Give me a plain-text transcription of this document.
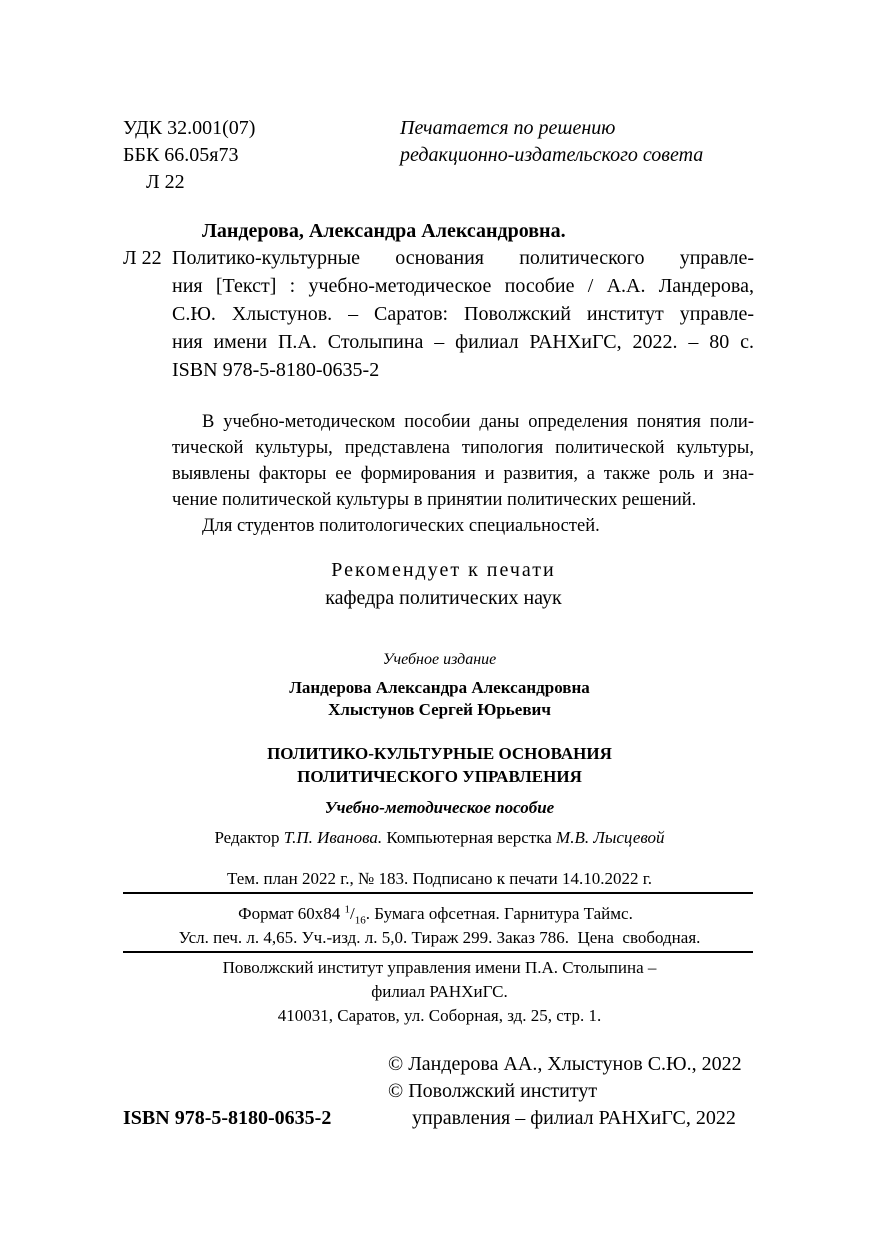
УДК 32.001(07)
ББК 66.05я73
Л 22
Печатается по решению
редакционно-издательского совета
Ландерова, Александра Александровна.
Л 22 Политико-культурные основания политического управле-
ния [Текст] : учебно-методическое пособие / А.А. Ландерова,
С.Ю. Хлыстунов. – Саратов: Поволжский институт управле-
ния имени П.А. Столыпина – филиал РАНХиГС, 2022. – 80 с.
ISBN 978-5-8180-0635-2
В учебно-методическом пособии даны определения понятия поли-
тической культуры, представлена типология политической культуры,
выявлены факторы ее формирования и развития, а также роль и зна-
чение политической культуры в принятии политических решений.
Для студентов политологических специальностей.
Рекомендует к печати
кафедра политических наук
Учебное издание
Ландерова Александра Александровна
Хлыстунов Сергей Юрьевич
ПОЛИТИКО-КУЛЬТУРНЫЕ ОСНОВАНИЯ
ПОЛИТИЧЕСКОГО УПРАВЛЕНИЯ
Учебно-методическое пособие
Редактор Т.П. Иванова. Компьютерная верстка М.В. Лысцевой
Тем. план 2022 г., № 183. Подписано к печати 14.10.2022 г.
Формат 60х84 $^1/_{16}$. Бумага офсетная. Гарнитура Таймс.
Усл. печ. л. 4,65. Уч.-изд. л. 5,0. Тираж 299. Заказ 786.  Цена  свободная.
Поволжский институт управления имени П.А. Столыпина –
филиал РАНХиГС.
410031, Саратов, ул. Соборная, зд. 25, стр. 1.
© Ландерова АА., Хлыстунов С.Ю., 2022
© Поволжский институт
управления – филиал РАНХиГС, 2022
ISBN 978-5-8180-0635-2
